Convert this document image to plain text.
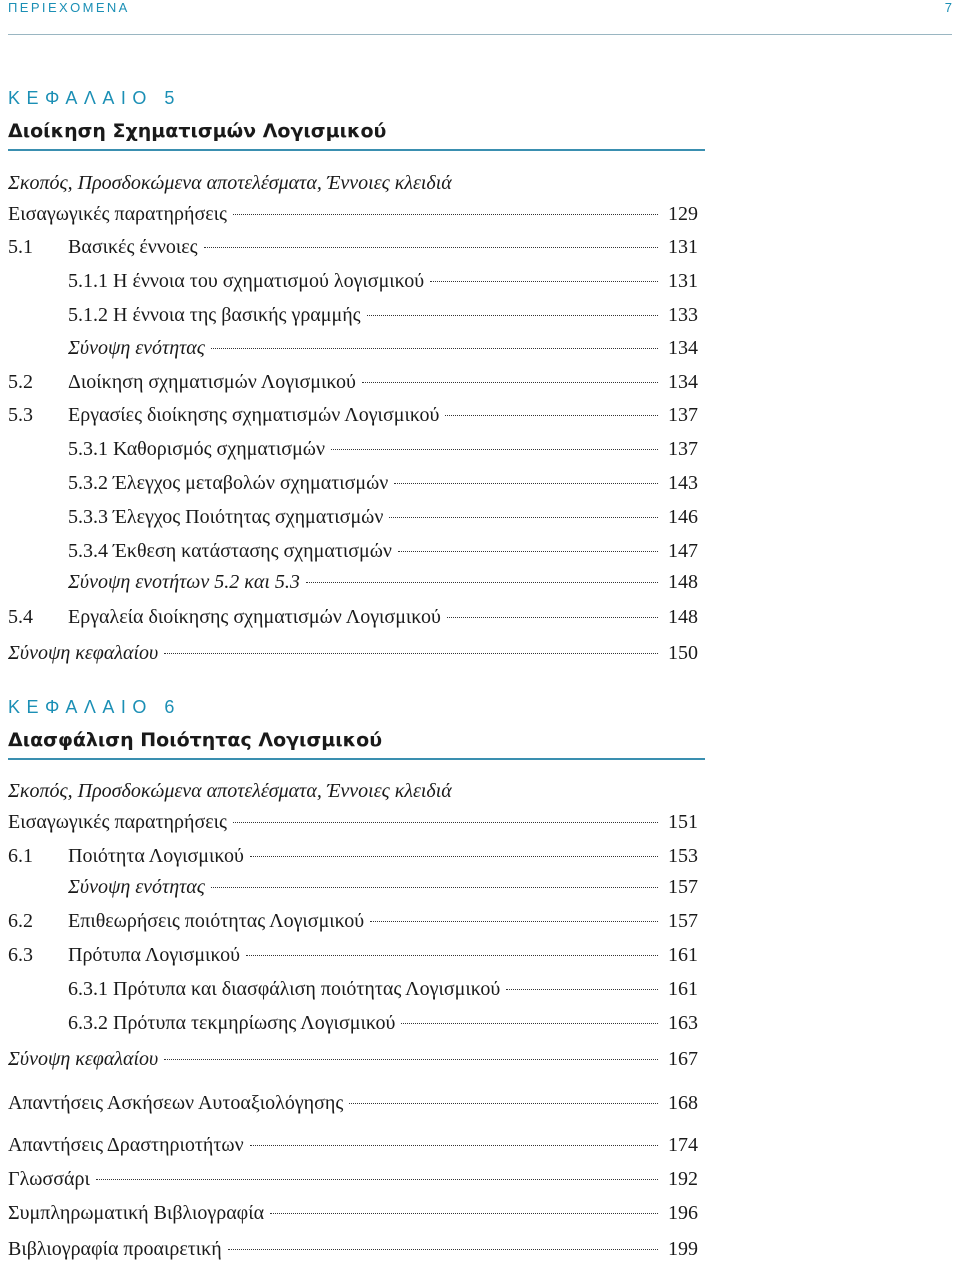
ΠΕΡΙΕΧΟΜΕΝΑ	7
ΚΕΦΑΛΑΙΟ 5
Διοίκηση Σχηματισμών Λογισμικού
Σκοπός, Προσδοκώμενα αποτελέσματα, Έννοιες κλειδιά
Εισαγωγικές παρατηρήσεις	129
5.1	Βασικές έννοιες	131
5.1.1 Η έννοια του σχηματισμού λογισμικού	131
5.1.2 Η έννοια της βασικής γραμμής	133
Σύνοψη ενότητας	134
5.2	Διοίκηση σχηματισμών Λογισμικού	134
5.3	Εργασίες διοίκησης σχηματισμών Λογισμικού	137
5.3.1 Καθορισμός σχηματισμών	137
5.3.2 Έλεγχος μεταβολών σχηματισμών	143
5.3.3 Έλεγχος Ποιότητας σχηματισμών	146
5.3.4 Έκθεση κατάστασης σχηματισμών	147
Σύνοψη ενοτήτων 5.2 και 5.3	148
5.4	Εργαλεία διοίκησης σχηματισμών Λογισμικού	148
Σύνοψη κεφαλαίου	150
ΚΕΦΑΛΑΙΟ 6
Διασφάλιση Ποιότητας Λογισμικού
Σκοπός, Προσδοκώμενα αποτελέσματα, Έννοιες κλειδιά
Εισαγωγικές παρατηρήσεις	151
6.1	Ποιότητα Λογισμικού	153
Σύνοψη ενότητας	157
6.2	Επιθεωρήσεις ποιότητας Λογισμικού	157
6.3	Πρότυπα Λογισμικού	161
6.3.1 Πρότυπα και διασφάλιση ποιότητας Λογισμικού	161
6.3.2 Πρότυπα τεκμηρίωσης Λογισμικού	163
Σύνοψη κεφαλαίου	167
Απαντήσεις Ασκήσεων Αυτοαξιολόγησης	168
Απαντήσεις Δραστηριοτήτων	174
Γλωσσάρι	192
Συμπληρωματική Βιβλιογραφία	196
Βιβλιογραφία προαιρετική	199
